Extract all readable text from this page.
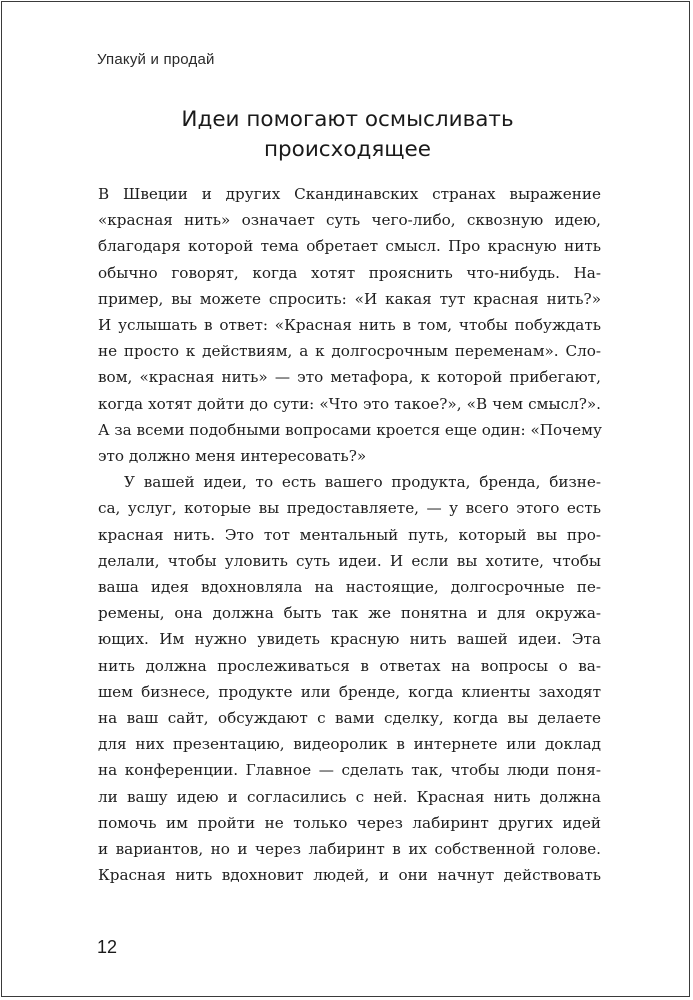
Упакуй и продай
Идеи помогают осмысливать
происходящее
В Швеции и других Скандинавских странах выражение
«красная нить» означает суть чего-либо, сквозную идею,
благодаря которой тема обретает смысл. Про красную нить
обычно говорят, когда хотят прояснить что-нибудь. На-
пример, вы можете спросить: «И какая тут красная нить?»
И услышать в ответ: «Красная нить в том, чтобы побуждать
не просто к действиям, а к долгосрочным переменам». Сло-
вом, «красная нить» — это метафора, к которой прибегают,
когда хотят дойти до сути: «Что это такое?», «В чем смысл?».
А за всеми подобными вопросами кроется еще один: «Почему
это должно меня интересовать?»
У вашей идеи, то есть вашего продукта, бренда, бизне-
са, услуг, которые вы предоставляете, — у всего этого есть
красная нить. Это тот ментальный путь, который вы про-
делали, чтобы уловить суть идеи. И если вы хотите, чтобы
ваша идея вдохновляла на настоящие, долгосрочные пе-
ремены, она должна быть так же понятна и для окружа-
ющих. Им нужно увидеть красную нить вашей идеи. Эта
нить должна прослеживаться в ответах на вопросы о ва-
шем бизнесе, продукте или бренде, когда клиенты заходят
на ваш сайт, обсуждают с вами сделку, когда вы делаете
для них презентацию, видеоролик в интернете или доклад
на конференции. Главное — сделать так, чтобы люди поня-
ли вашу идею и согласились с ней. Красная нить должна
помочь им пройти не только через лабиринт других идей
и вариантов, но и через лабиринт в их собственной голове.
Красная нить вдохновит людей, и они начнут действовать
12
